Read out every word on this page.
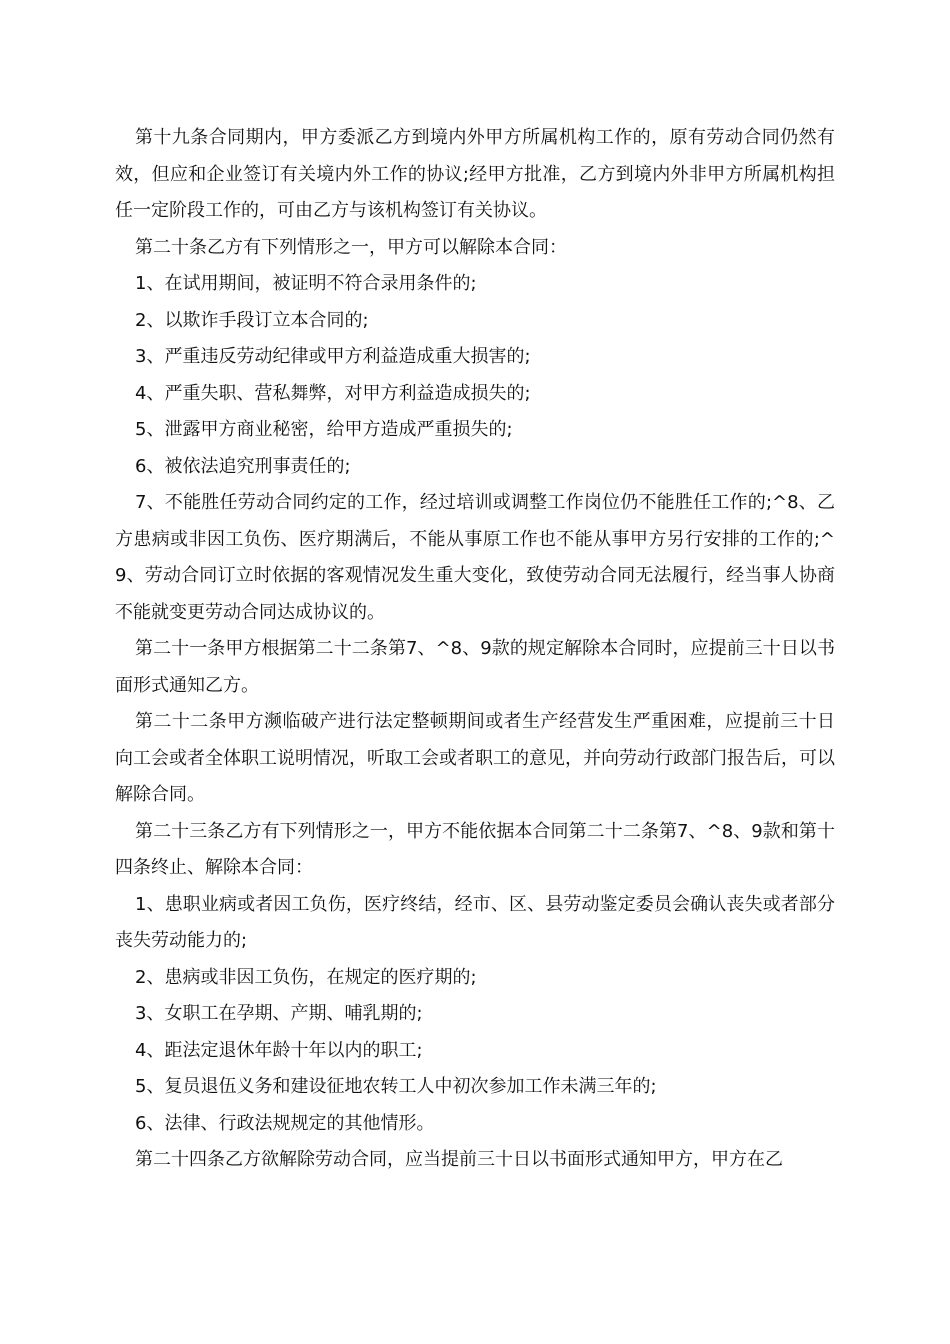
第十九条合同期内，甲方委派乙方到境内外甲方所属机构工作的，原有劳动合同仍然有效，但应和企业签订有关境内外工作的协议;经甲方批准，乙方到境内外非甲方所属机构担任一定阶段工作的，可由乙方与该机构签订有关协议。

第二十条乙方有下列情形之一，甲方可以解除本合同：

1、在试用期间，被证明不符合录用条件的;

2、以欺诈手段订立本合同的;

3、严重违反劳动纪律或甲方利益造成重大损害的;

4、严重失职、营私舞弊，对甲方利益造成损失的;

5、泄露甲方商业秘密，给甲方造成严重损失的;

6、被依法追究刑事责任的;

7、不能胜任劳动合同约定的工作，经过培训或调整工作岗位仍不能胜任工作的;^8、乙方患病或非因工负伤、医疗期满后，不能从事原工作也不能从事甲方另行安排的工作的;^9、劳动合同订立时依据的客观情况发生重大变化，致使劳动合同无法履行，经当事人协商不能就变更劳动合同达成协议的。

第二十一条甲方根据第二十二条第7、^8、9款的规定解除本合同时，应提前三十日以书面形式通知乙方。

第二十二条甲方濒临破产进行法定整顿期间或者生产经营发生严重困难，应提前三十日向工会或者全体职工说明情况，听取工会或者职工的意见，并向劳动行政部门报告后，可以解除合同。

第二十三条乙方有下列情形之一，甲方不能依据本合同第二十二条第7、^8、9款和第十四条终止、解除本合同：

1、患职业病或者因工负伤，医疗终结，经市、区、县劳动鉴定委员会确认丧失或者部分丧失劳动能力的;

2、患病或非因工负伤，在规定的医疗期的;

3、女职工在孕期、产期、哺乳期的;

4、距法定退休年龄十年以内的职工;

5、复员退伍义务和建设征地农转工人中初次参加工作未满三年的;

6、法律、行政法规规定的其他情形。

第二十四条乙方欲解除劳动合同，应当提前三十日以书面形式通知甲方，甲方在乙
